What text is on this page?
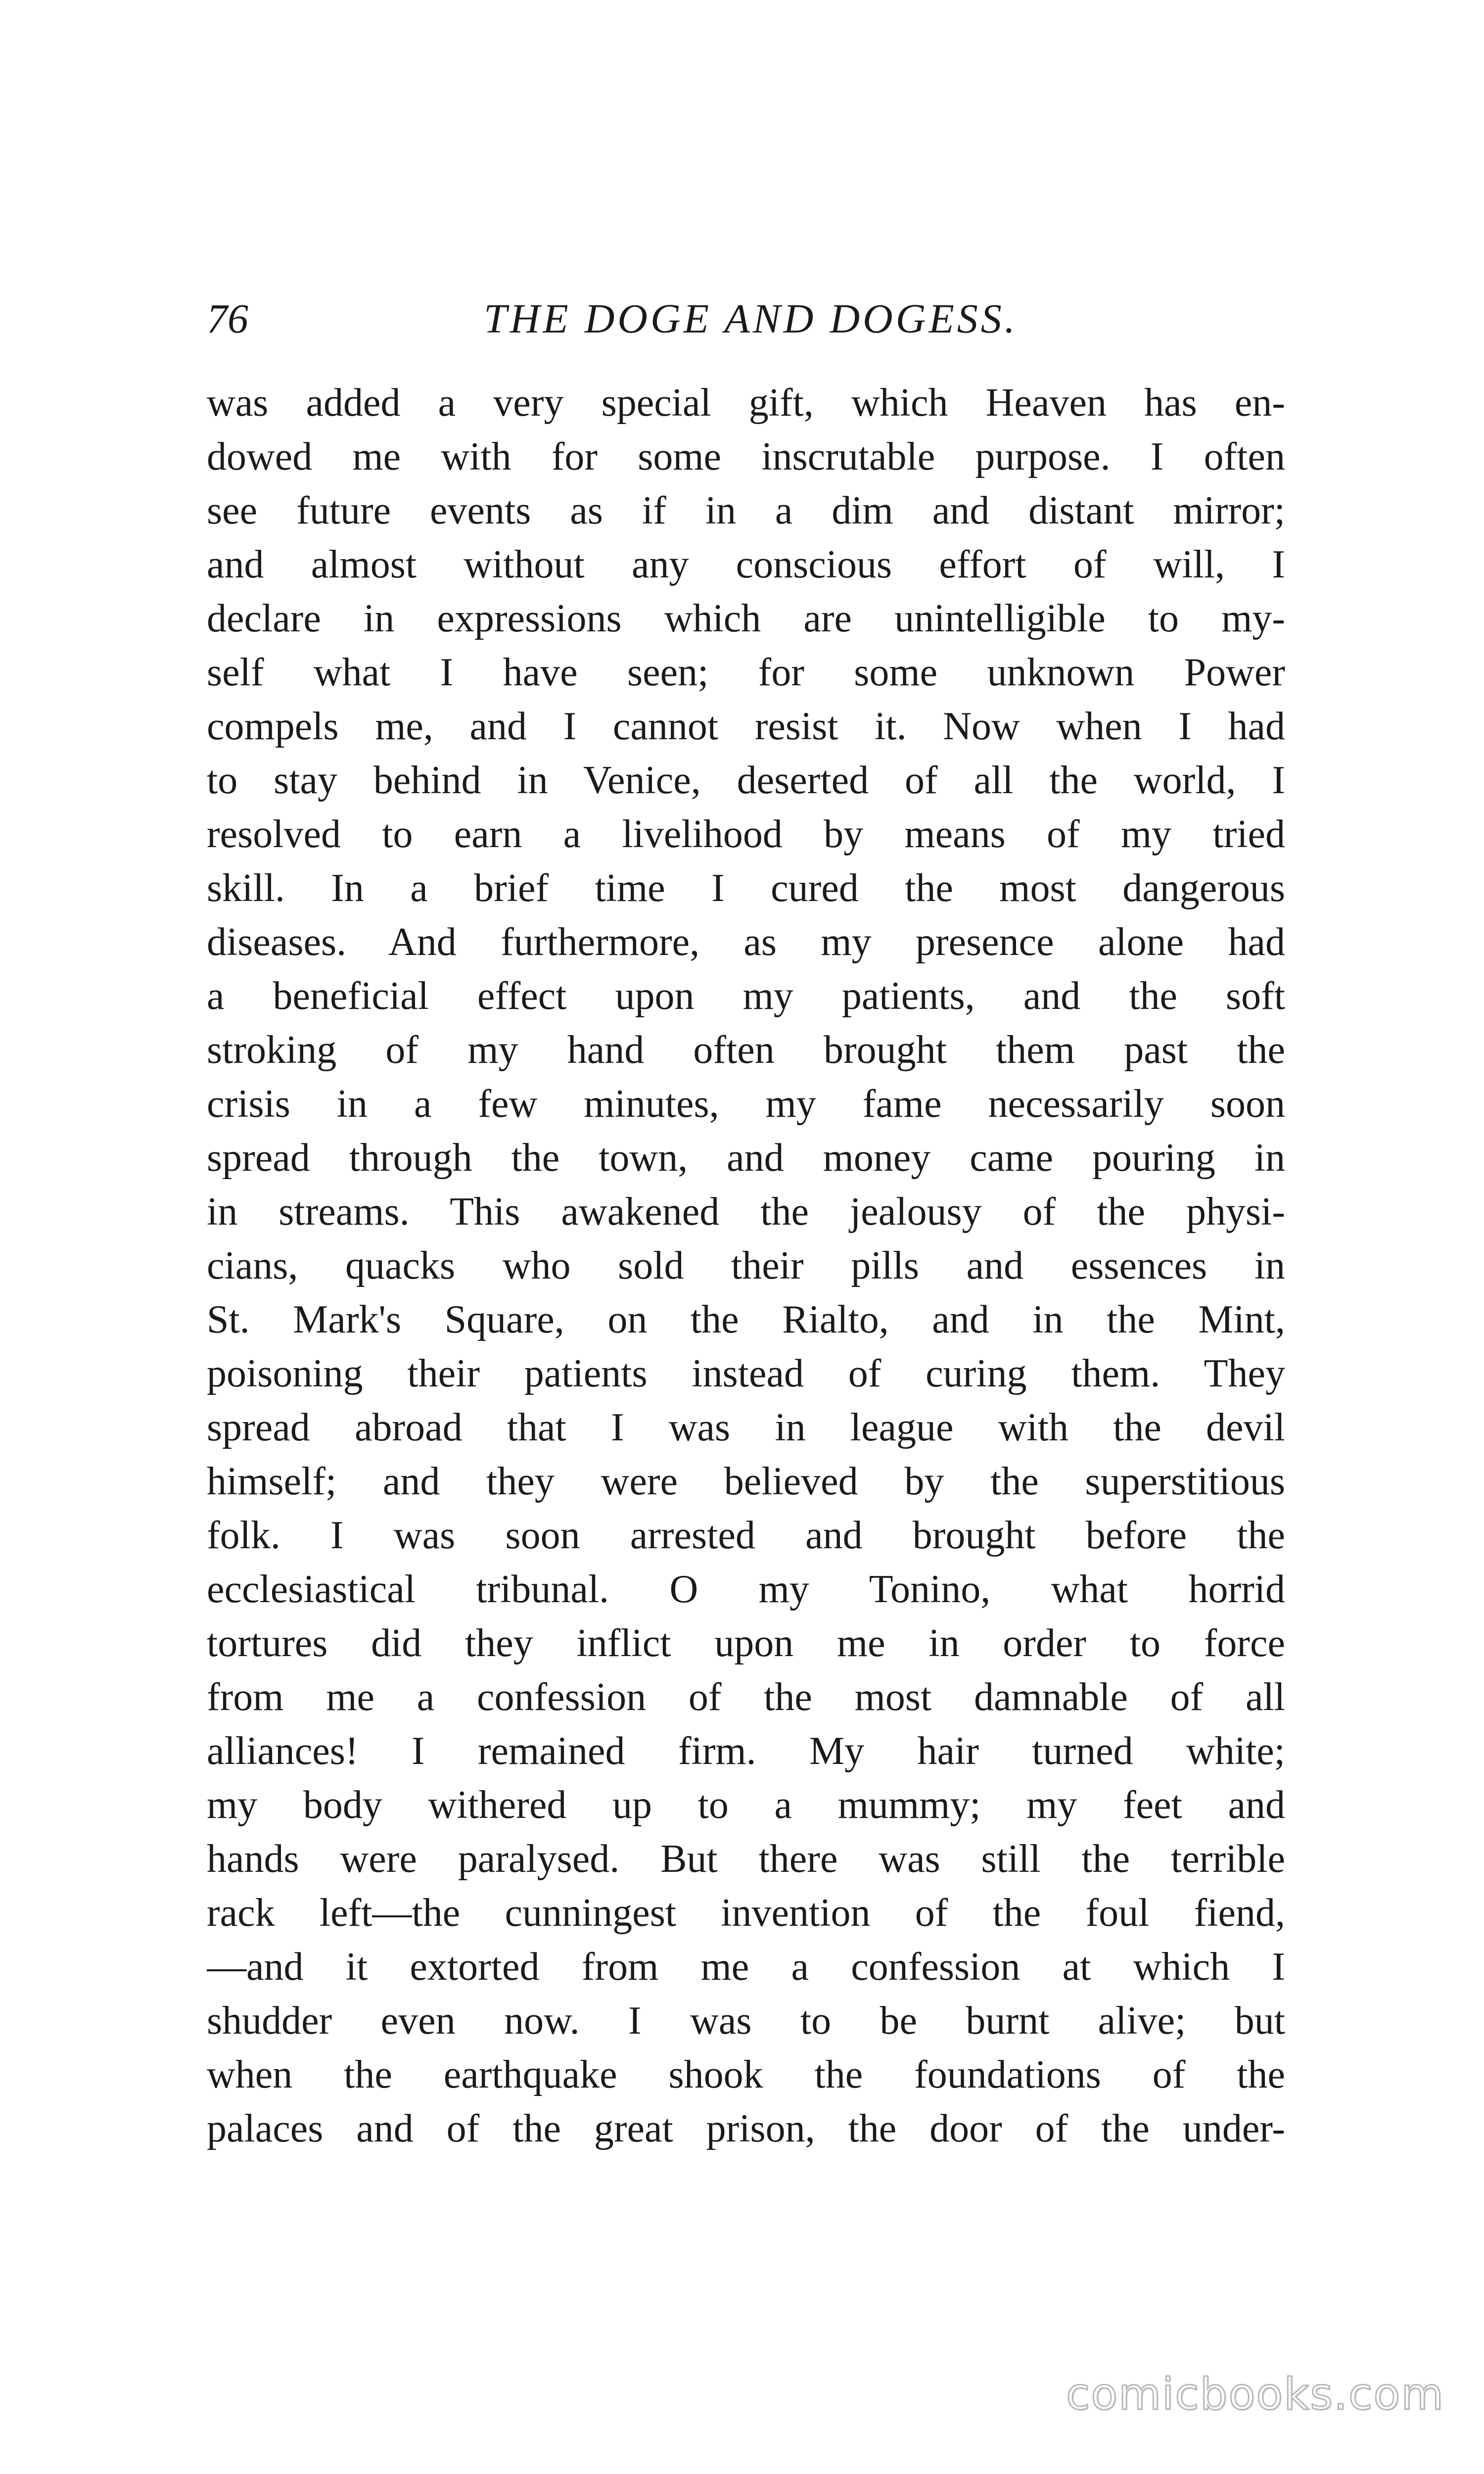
76	THE DOGE AND DOGESS.
was added a very special gift, which Heaven has en-
dowed me with for some inscrutable purpose. I often
see future events as if in a dim and distant mirror;
and almost without any conscious effort of will, I
declare in expressions which are unintelligible to my-
self what I have seen; for some unknown Power
compels me, and I cannot resist it. Now when I had
to stay behind in Venice, deserted of all the world, I
resolved to earn a livelihood by means of my tried
skill. In a brief time I cured the most dangerous
diseases. And furthermore, as my presence alone had
a beneficial effect upon my patients, and the soft
stroking of my hand often brought them past the
crisis in a few minutes, my fame necessarily soon
spread through the town, and money came pouring in
in streams. This awakened the jealousy of the physi-
cians, quacks who sold their pills and essences in
St. Mark's Square, on the Rialto, and in the Mint,
poisoning their patients instead of curing them. They
spread abroad that I was in league with the devil
himself; and they were believed by the superstitious
folk. I was soon arrested and brought before the
ecclesiastical tribunal. O my Tonino, what horrid
tortures did they inflict upon me in order to force
from me a confession of the most damnable of all
alliances! I remained firm. My hair turned white;
my body withered up to a mummy; my feet and
hands were paralysed. But there was still the terrible
rack left—the cunningest invention of the foul fiend,
—and it extorted from me a confession at which I
shudder even now. I was to be burnt alive; but
when the earthquake shook the foundations of the
palaces and of the great prison, the door of the under-
comicbooks.com
